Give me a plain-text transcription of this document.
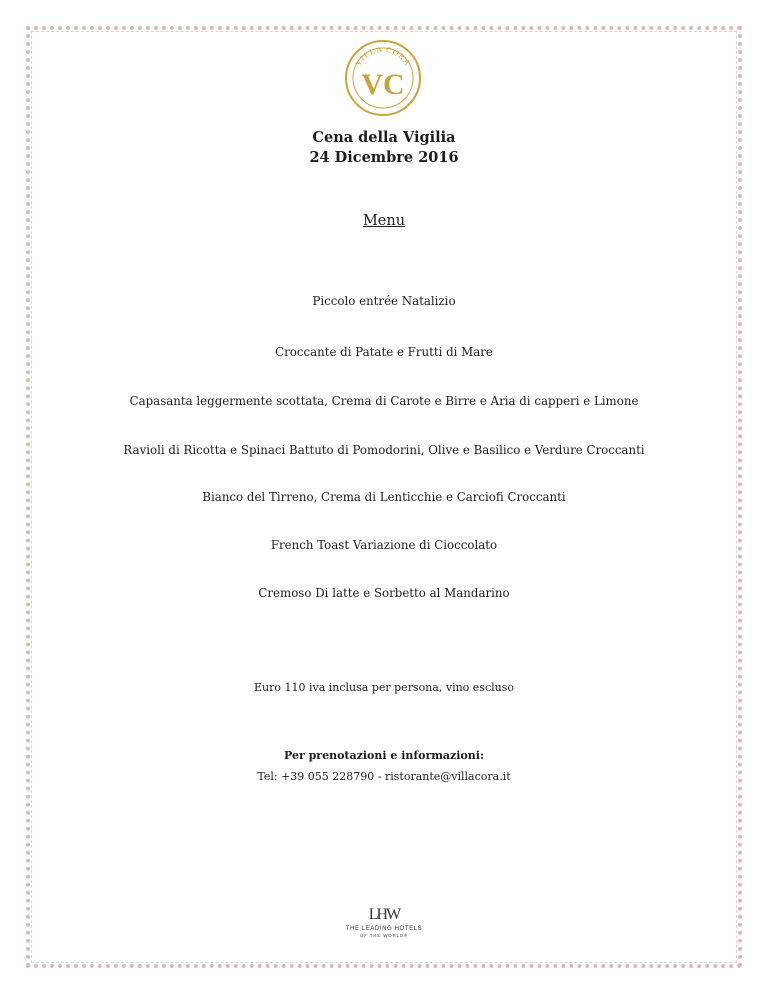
VILLA CORA
VC
Cena della Vigilia
24 Dicembre 2016
Menu
Piccolo entrée Natalizio
Croccante di Patate e Frutti di Mare
Capasanta leggermente scottata, Crema di Carote e Birre e Aria di capperi e Limone
Ravioli di Ricotta e Spinaci Battuto di Pomodorini, Olive e Basilico e Verdure Croccanti
Bianco del Tirreno, Crema di Lenticchie e Carciofi Croccanti
French Toast Variazione di Cioccolato
Cremoso Di latte e Sorbetto al Mandarino
Euro 110 iva inclusa per persona, vino escluso
Per prenotazioni e informazioni:
Tel: +39 055 228790 - ristorante@villacora.it
LHW
THE LEADING HOTELS
OF THE WORLD®
